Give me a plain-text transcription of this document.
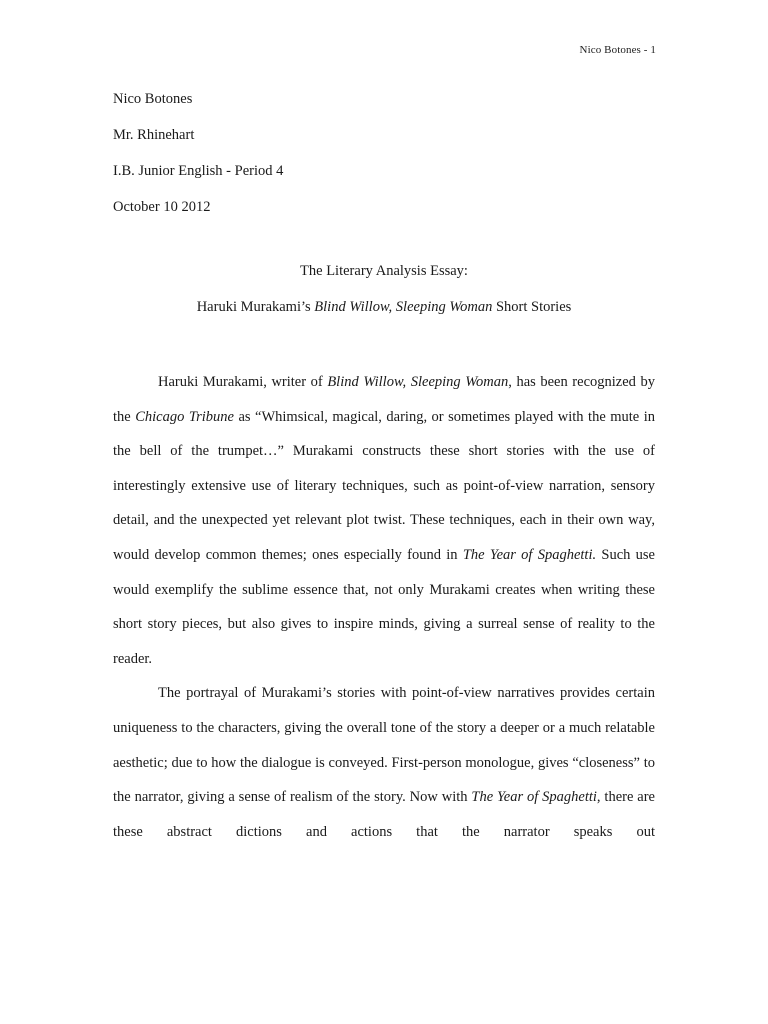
Nico Botones - 1
Nico Botones
Mr. Rhinehart
I.B. Junior English - Period 4
October 10 2012
The Literary Analysis Essay:
Haruki Murakami’s Blind Willow, Sleeping Woman Short Stories

Haruki Murakami, writer of Blind Willow, Sleeping Woman, has been recognized by the Chicago Tribune as “Whimsical, magical, daring, or sometimes played with the mute in the bell of the trumpet…” Murakami constructs these short stories with the use of interestingly extensive use of literary techniques, such as point-of-view narration, sensory detail, and the unexpected yet relevant plot twist. These techniques, each in their own way, would develop common themes; ones especially found in The Year of Spaghetti. Such use would exemplify the sublime essence that, not only Murakami creates when writing these short story pieces, but also gives to inspire minds, giving a surreal sense of reality to the reader.

The portrayal of Murakami’s stories with point-of-view narratives provides certain uniqueness to the characters, giving the overall tone of the story a deeper or a much relatable aesthetic; due to how the dialogue is conveyed. First-person monologue, gives “closeness” to the narrator, giving a sense of realism of the story. Now with The Year of Spaghetti, there are these abstract dictions and actions that the narrator speaks out
